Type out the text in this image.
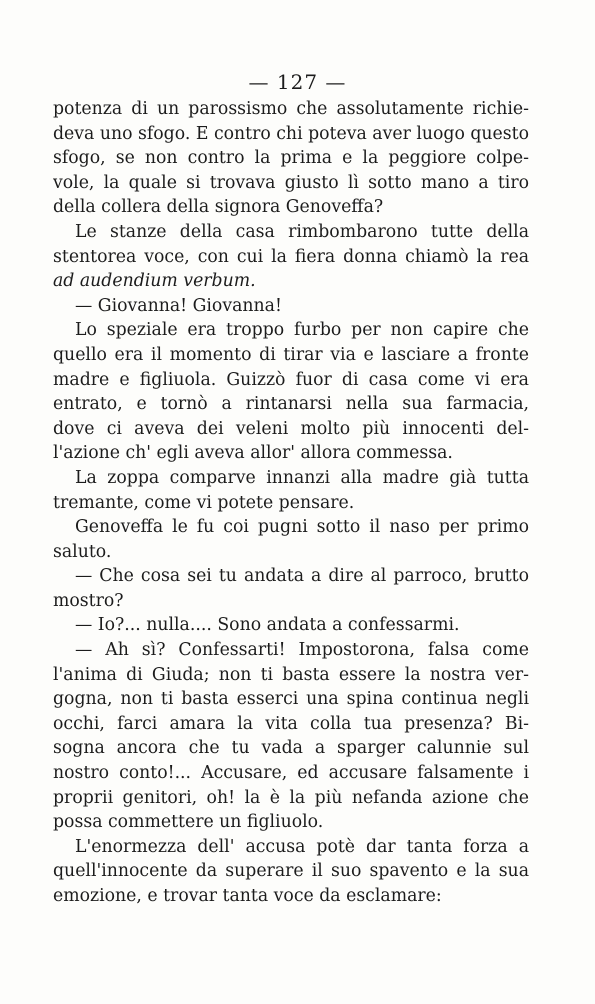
— 127 —
potenza di un parossismo che assolutamente richie-
deva uno sfogo. E contro chi poteva aver luogo questo
sfogo, se non contro la prima e la peggiore colpe-
vole, la quale si trovava giusto lì sotto mano a tiro
della collera della signora Genoveffa?
Le stanze della casa rimbombarono tutte della
stentorea voce, con cui la fiera donna chiamò la rea
ad audendium verbum.
— Giovanna! Giovanna!
Lo speziale era troppo furbo per non capire che
quello era il momento di tirar via e lasciare a fronte
madre e figliuola. Guizzò fuor di casa come vi era
entrato, e tornò a rintanarsi nella sua farmacia,
dove ci aveva dei veleni molto più innocenti del-
l'azione ch' egli aveva allor' allora commessa.
La zoppa comparve innanzi alla madre già tutta
tremante, come vi potete pensare.
Genoveffa le fu coi pugni sotto il naso per primo
saluto.
— Che cosa sei tu andata a dire al parroco, brutto
mostro?
— Io?... nulla.... Sono andata a confessarmi.
— Ah sì? Confessarti! Impostorona, falsa come
l'anima di Giuda; non ti basta essere la nostra ver-
gogna, non ti basta esserci una spina continua negli
occhi, farci amara la vita colla tua presenza? Bi-
sogna ancora che tu vada a sparger calunnie sul
nostro conto!... Accusare, ed accusare falsamente i
proprii genitori, oh! la è la più nefanda azione che
possa commettere un figliuolo.
L'enormezza dell' accusa potè dar tanta forza a
quell'innocente da superare il suo spavento e la sua
emozione, e trovar tanta voce da esclamare:
